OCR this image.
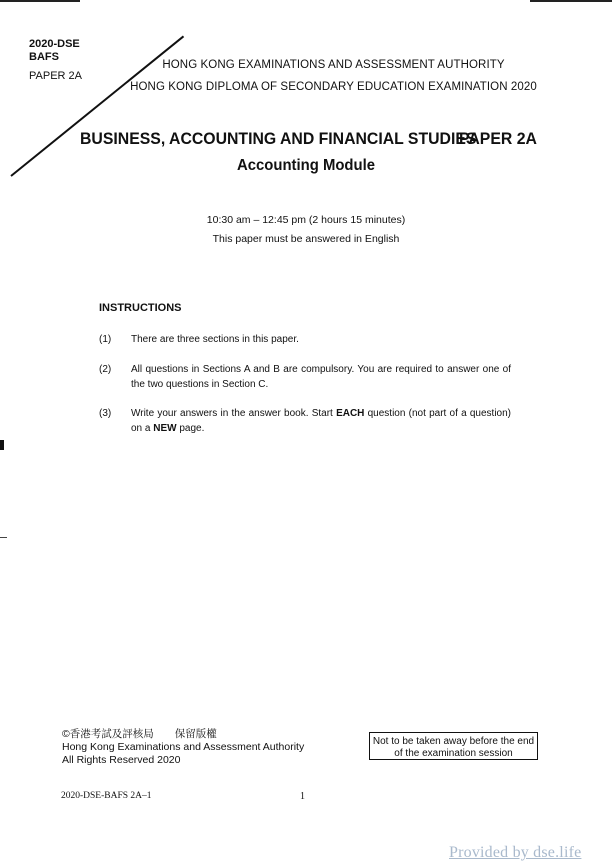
2020-DSE
BAFS
PAPER 2A
HONG KONG EXAMINATIONS AND ASSESSMENT AUTHORITY
HONG KONG DIPLOMA OF SECONDARY EDUCATION EXAMINATION 2020
BUSINESS, ACCOUNTING AND FINANCIAL STUDIES
PAPER 2A
Accounting Module
10:30 am – 12:45 pm (2 hours 15 minutes)
This paper must be answered in English
INSTRUCTIONS
(1) There are three sections in this paper.
(2) All questions in Sections A and B are compulsory. You are required to answer one of the two questions in Section C.
(3) Write your answers in the answer book. Start EACH question (not part of a question) on a NEW page.
©香港考試及評核局　　保留版權
Hong Kong Examinations and Assessment Authority
All Rights Reserved 2020
Not to be taken away before the end of the examination session
2020-DSE-BAFS 2A–1	1
Provided by dse.life
